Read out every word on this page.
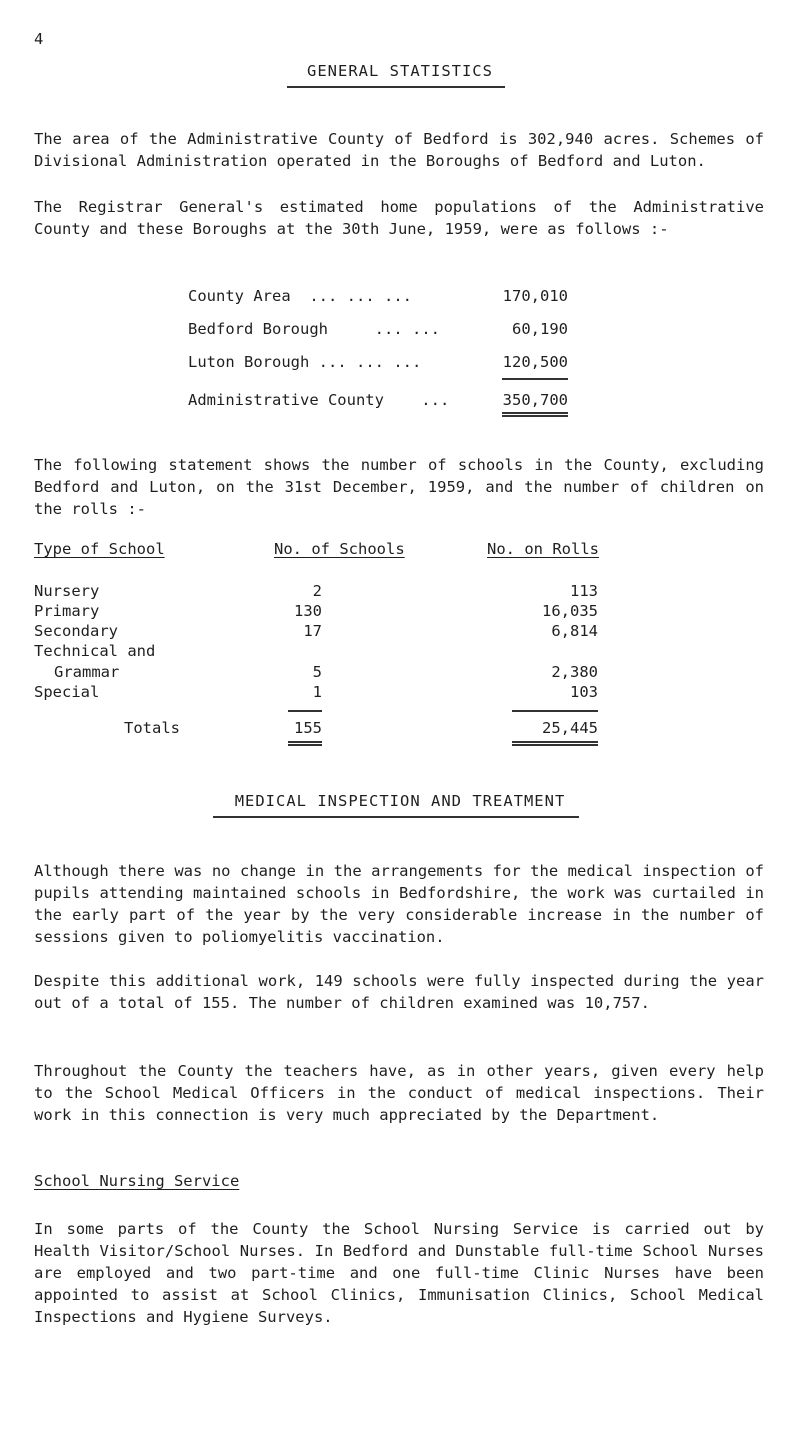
4
GENERAL STATISTICS
The area of the Administrative County of Bedford is 302,940 acres. Schemes of Divisional Administration operated in the Boroughs of Bedford and Luton.
The Registrar General's estimated home populations of the Administrative County and these Boroughs at the 30th June, 1959, were as follows :-
County Area ... ... ...	170,010
Bedford Borough	... ...	60,190
Luton Borough ... ... ...	120,500
Administrative County ...	350,700
The following statement shows the number of schools in the County, excluding Bedford and Luton, on the 31st December, 1959, and the number of children on the rolls :-
Type of School	No. of Schools	No. on Rolls
Nursery	2	113
Primary	130	16,035
Secondary	17	6,814
Technical and
Grammar	5	2,380
Special	1	103
Totals	155	25,445
MEDICAL INSPECTION AND TREATMENT
Although there was no change in the arrangements for the medical inspection of pupils attending maintained schools in Bedfordshire, the work was curtailed in the early part of the year by the very considerable increase in the number of sessions given to poliomyelitis vaccination.
Despite this additional work, 149 schools were fully inspected during the year out of a total of 155. The number of children examined was 10,757.
Throughout the County the teachers have, as in other years, given every help to the School Medical Officers in the conduct of medical inspections. Their work in this connection is very much appreciated by the Department.
School Nursing Service
In some parts of the County the School Nursing Service is carried out by Health Visitor/School Nurses. In Bedford and Dunstable full-time School Nurses are employed and two part-time and one full-time Clinic Nurses have been appointed to assist at School Clinics, Immunisation Clinics, School Medical Inspections and Hygiene Surveys.
